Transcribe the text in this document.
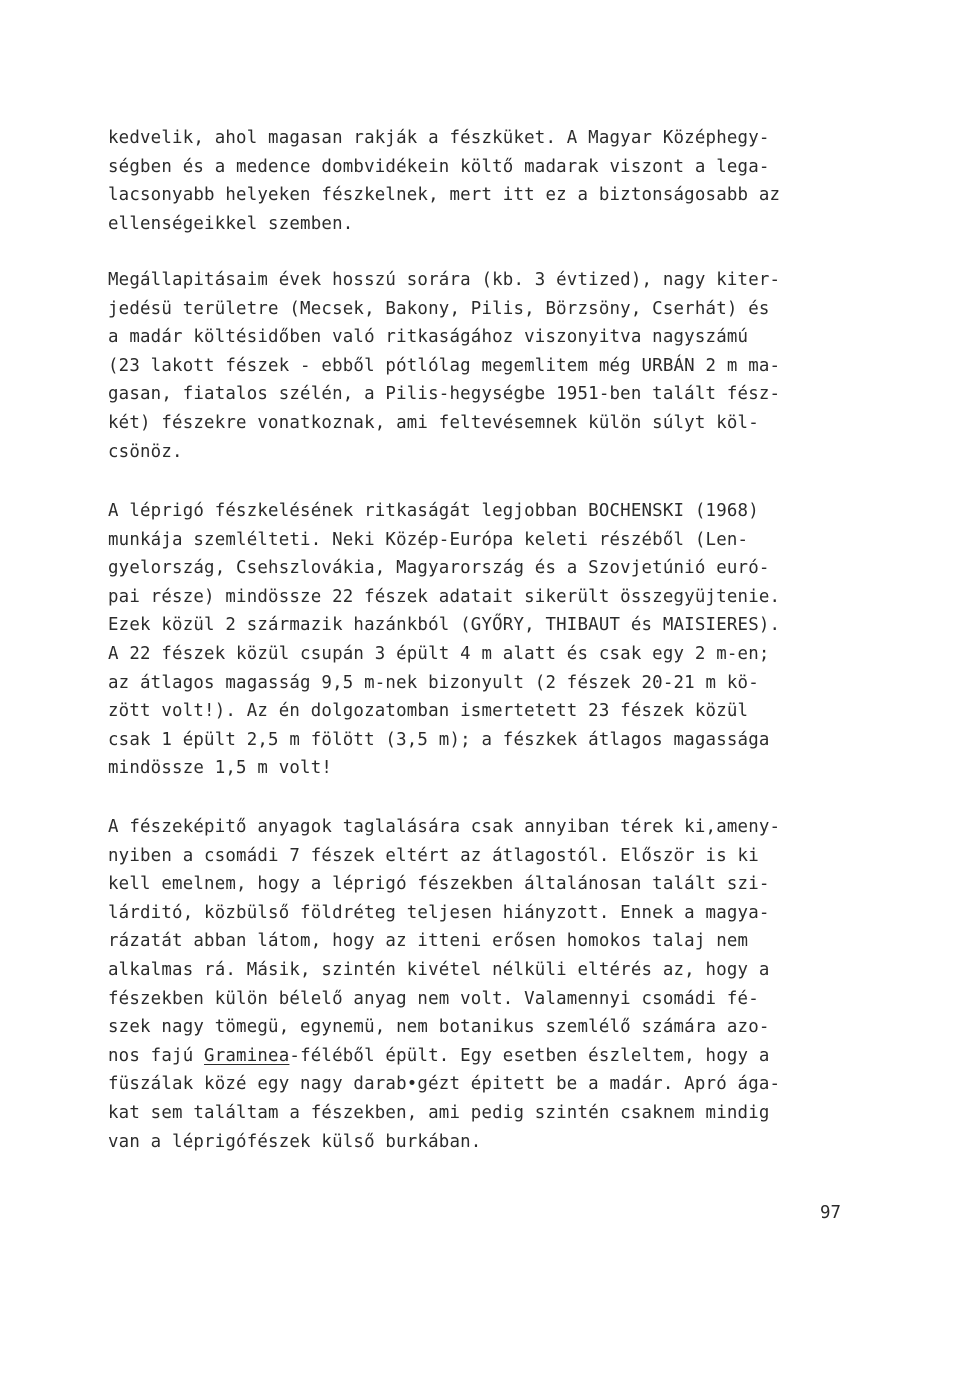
kedvelik, ahol magasan rakják a fészküket. A Magyar Középhegy-
ségben és a medence dombvidékein költő madarak viszont a lega-
lacsonyabb helyeken fészkelnek, mert itt ez a biztonságosabb az
ellenségeikkel szemben.
Megállapitásaim évek hosszú sorára (kb. 3 évtized), nagy kiter-
jedésü területre (Mecsek, Bakony, Pilis, Börzsöny, Cserhát) és
a madár költésidőben való ritkaságához viszonyitva nagyszámú
(23 lakott fészek - ebből pótlólag megemlitem még URBÁN 2 m ma-
gasan, fiatalos szélén, a Pilis-hegységbe 1951-ben talált fész-
két) fészekre vonatkoznak, ami feltevésemnek külön súlyt köl-
csönöz.
A léprigó fészkelésének ritkaságát legjobban BOCHENSKI (1968)
munkája szemlélteti. Neki Közép-Európa keleti részéből (Len-
gyelország, Csehszlovákia, Magyarország és a Szovjetúnió euró-
pai része) mindössze 22 fészek adatait sikerült összegyüjtenie.
Ezek közül 2 származik hazánkból (GYŐRY, THIBAUT és MAISIERES).
A 22 fészek közül csupán 3 épült 4 m alatt és csak egy 2 m-en;
az átlagos magasság 9,5 m-nek bizonyult (2 fészek 20-21 m kö-
zött volt!). Az én dolgozatomban ismertetett 23 fészek közül
csak 1 épült 2,5 m fölött (3,5 m); a fészkek átlagos magassága
mindössze 1,5 m volt!
A fészeképitő anyagok taglalására csak annyiban térek ki,ameny-
nyiben a csomádi 7 fészek eltért az átlagostól. Először is ki
kell emelnem, hogy a léprigó fészekben általánosan talált szi-
lárditó, közbülső földréteg teljesen hiányzott. Ennek a magya-
rázatát abban látom, hogy az itteni erősen homokos talaj nem
alkalmas rá. Másik, szintén kivétel nélküli eltérés az, hogy a
fészekben külön bélelő anyag nem volt. Valamennyi csomádi fé-
szek nagy tömegü, egynemü, nem botanikus szemlélő számára azo-
nos fajú Graminea-féléből épült. Egy esetben észleltem, hogy a
füszálak közé egy nagy darab•gézt épitett be a madár. Apró ága-
kat sem találtam a fészekben, ami pedig szintén csaknem mindig
van a léprigófészek külső burkában.
97
